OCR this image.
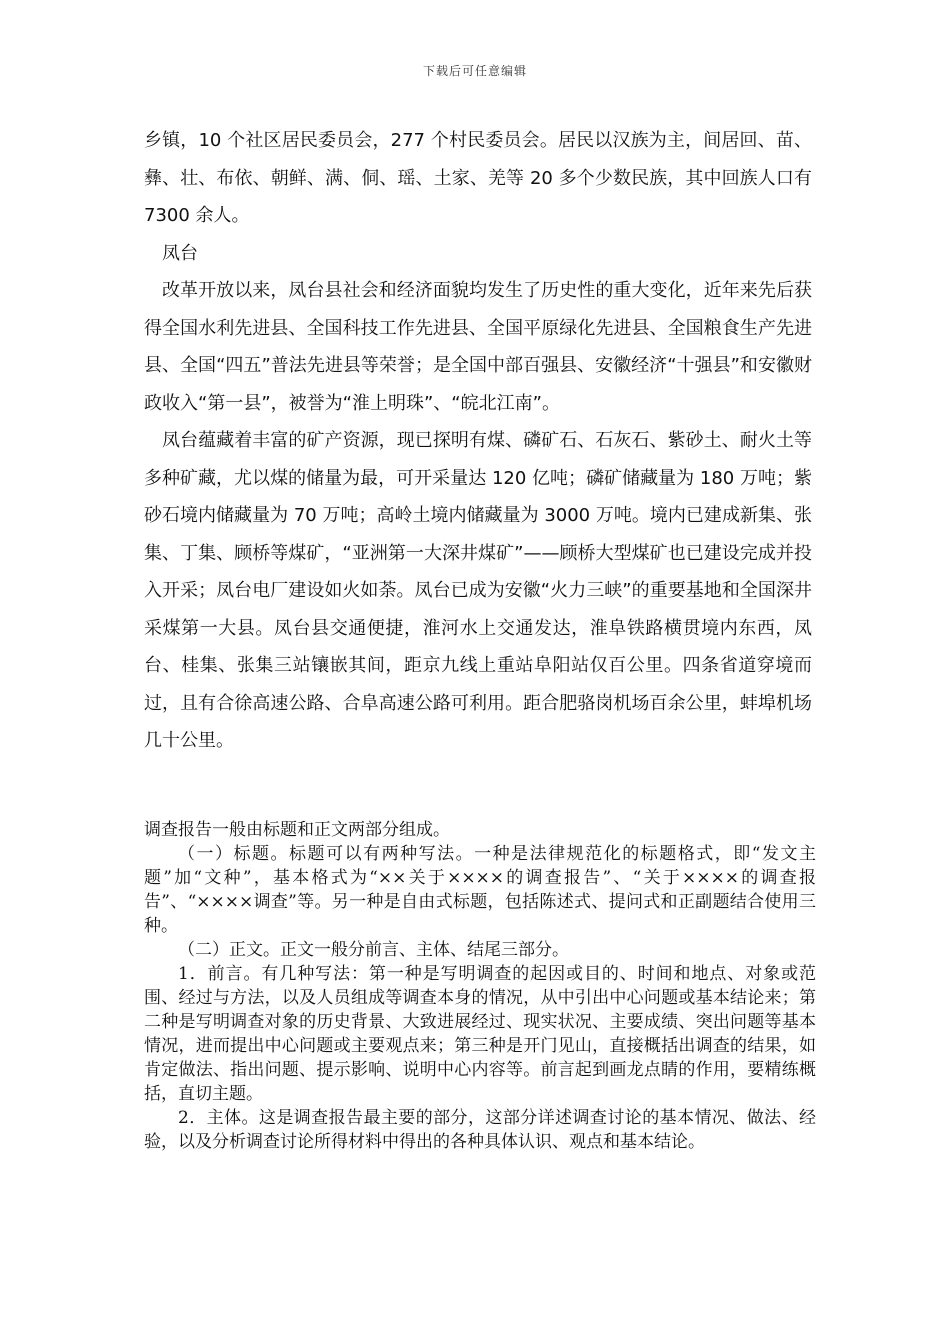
下载后可任意编辑

乡镇，10 个社区居民委员会，277 个村民委员会。居民以汉族为主，间居回、苗、彝、壮、布依、朝鲜、满、侗、瑶、土家、羌等 20 多个少数民族，其中回族人口有 7300 余人。

凤台

改革开放以来，凤台县社会和经济面貌均发生了历史性的重大变化，近年来先后获得全国水利先进县、全国科技工作先进县、全国平原绿化先进县、全国粮食生产先进县、全国“四五”普法先进县等荣誉；是全国中部百强县、安徽经济“十强县”和安徽财政收入“第一县”，被誉为“淮上明珠”、“皖北江南”。

凤台蕴藏着丰富的矿产资源，现已探明有煤、磷矿石、石灰石、紫砂土、耐火土等多种矿藏，尤以煤的储量为最，可开采量达 120 亿吨；磷矿储藏量为 180 万吨；紫砂石境内储藏量为 70 万吨；高岭土境内储藏量为 3000 万吨。境内已建成新集、张集、丁集、顾桥等煤矿，“亚洲第一大深井煤矿”——顾桥大型煤矿也已建设完成并投入开采；凤台电厂建设如火如荼。凤台已成为安徽“火力三峡”的重要基地和全国深井采煤第一大县。凤台县交通便捷，淮河水上交通发达，淮阜铁路横贯境内东西，凤台、桂集、张集三站镶嵌其间，距京九线上重站阜阳站仅百公里。四条省道穿境而过，且有合徐高速公路、合阜高速公路可利用。距合肥骆岗机场百余公里，蚌埠机场几十公里。

调查报告一般由标题和正文两部分组成。

（一）标题。标题可以有两种写法。一种是法律规范化的标题格式，即“发文主题”加“文种”，基本格式为“××关于××××的调查报告”、“关于××××的调查报告”、“××××调查”等。另一种是自由式标题，包括陈述式、提问式和正副题结合使用三种。

（二）正文。正文一般分前言、主体、结尾三部分。

1．前言。有几种写法：第一种是写明调查的起因或目的、时间和地点、对象或范围、经过与方法，以及人员组成等调查本身的情况，从中引出中心问题或基本结论来；第二种是写明调查对象的历史背景、大致进展经过、现实状况、主要成绩、突出问题等基本情况，进而提出中心问题或主要观点来；第三种是开门见山，直接概括出调查的结果，如肯定做法、指出问题、提示影响、说明中心内容等。前言起到画龙点睛的作用，要精练概括，直切主题。

2．主体。这是调查报告最主要的部分，这部分详述调查讨论的基本情况、做法、经验，以及分析调查讨论所得材料中得出的各种具体认识、观点和基本结论。
